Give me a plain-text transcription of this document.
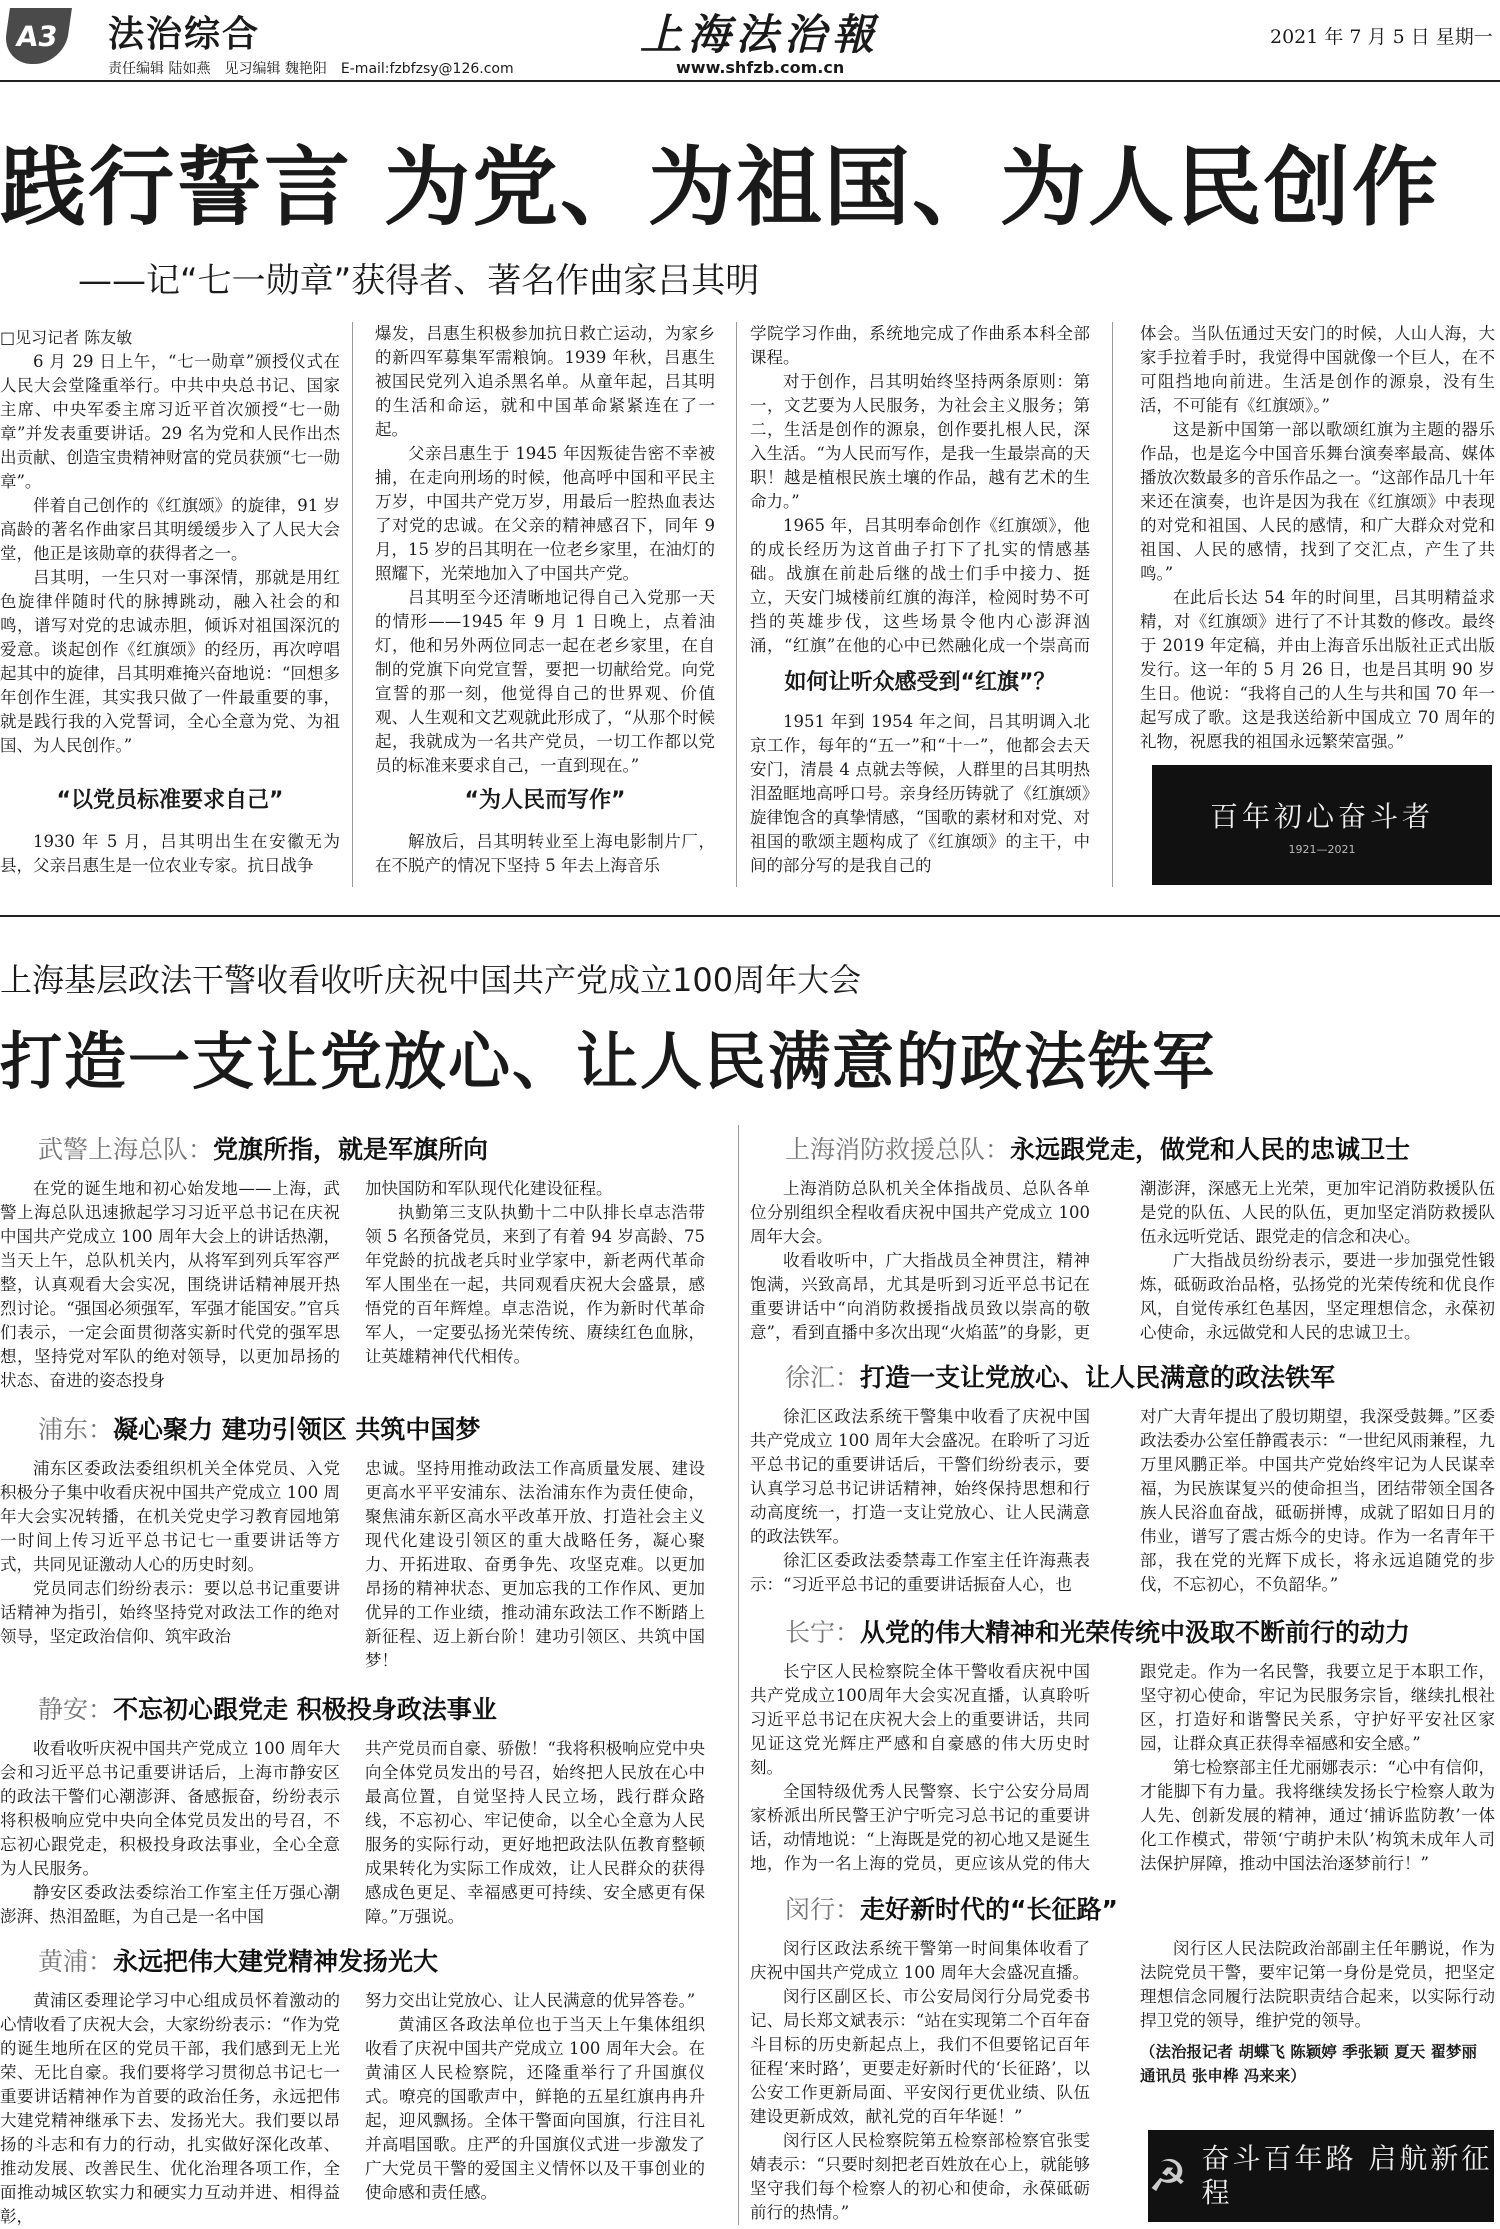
A3	法治综合
责任编辑 陆如燕 见习编辑 魏艳阳 E-mail:fzbfzsy@126.com
上海法治報
www.shfzb.com.cn
2021 年 7 月 5 日 星期一
践行誓言 为党、为祖国、为人民创作
——记“七一勋章”获得者、著名作曲家吕其明
□见习记者 陈友敏

6 月 29 日上午，“七一勋章”颁授仪式在人民大会堂隆重举行。中共中央总书记、国家主席、中央军委主席习近平首次颁授“七一勋章”并发表重要讲话。29 名为党和人民作出杰出贡献、创造宝贵精神财富的党员获颁“七一勋章”。

伴着自己创作的《红旗颂》的旋律，91 岁高龄的著名作曲家吕其明缓缓步入了人民大会堂，他正是该勋章的获得者之一。

吕其明，一生只对一事深情，那就是用红色旋律伴随时代的脉搏跳动，融入社会的和鸣，谱写对党的忠诚赤胆，倾诉对祖国深沉的爱意。谈起创作《红旗颂》的经历，再次哼唱起其中的旋律，吕其明难掩兴奋地说：“回想多年创作生涯，其实我只做了一件最重要的事，就是践行我的入党誓词，全心全意为党、为祖国、为人民创作。”

“以党员标准要求自己”

1930 年 5 月，吕其明出生在安徽无为县，父亲吕惠生是一位农业专家。抗日战争

爆发，吕惠生积极参加抗日救亡运动，为家乡的新四军募集军需粮饷。1939 年秋，吕惠生被国民党列入追杀黑名单。从童年起，吕其明的生活和命运，就和中国革命紧紧连在了一起。

父亲吕惠生于 1945 年因叛徒告密不幸被捕，在走向刑场的时候，他高呼中国和平民主万岁，中国共产党万岁，用最后一腔热血表达了对党的忠诚。在父亲的精神感召下，同年 9 月，15 岁的吕其明在一位老乡家里，在油灯的照耀下，光荣地加入了中国共产党。

吕其明至今还清晰地记得自己入党那一天的情形——1945 年 9 月 1 日晚上，点着油灯，他和另外两位同志一起在老乡家里，在自制的党旗下向党宣誓，要把一切献给党。向党宣誓的那一刻，他觉得自己的世界观、价值观、人生观和文艺观就此形成了，“从那个时候起，我就成为一名共产党员，一切工作都以党员的标准来要求自己，一直到现在。”

“为人民而写作”

解放后，吕其明转业至上海电影制片厂，在不脱产的情况下坚持 5 年去上海音乐

学院学习作曲，系统地完成了作曲系本科全部课程。

对于创作，吕其明始终坚持两条原则：第一，文艺要为人民服务，为社会主义服务；第二，生活是创作的源泉，创作要扎根人民，深入生活。“为人民而写作，是我一生最崇高的天职！越是植根民族土壤的作品，越有艺术的生命力。”

1965 年，吕其明奉命创作《红旗颂》，他的成长经历为这首曲子打下了扎实的情感基础。战旗在前赴后继的战士们手中接力、挺立，天安门城楼前红旗的海洋，检阅时势不可挡的英雄步伐，这些场景令他内心澎湃汹涌，“红旗”在他的心中已然融化成一个崇高而

如何让听众感受到“红旗”？

1951 年到 1954 年之间，吕其明调入北京工作，每年的“五一”和“十一”，他都会去天安门，清晨 4 点就去等候，人群里的吕其明热泪盈眶地高呼口号。亲身经历铸就了《红旗颂》旋律饱含的真挚情感，“国歌的素材和对党、对祖国的歌颂主题构成了《红旗颂》的主干，中间的部分写的是我自己的

体会。当队伍通过天安门的时候，人山人海，大家手拉着手时，我觉得中国就像一个巨人，在不可阻挡地向前进。生活是创作的源泉，没有生活，不可能有《红旗颂》。”

这是新中国第一部以歌颂红旗为主题的器乐作品，也是迄今中国音乐舞台演奏率最高、媒体播放次数最多的音乐作品之一。“这部作品几十年来还在演奏，也许是因为我在《红旗颂》中表现的对党和祖国、人民的感情，和广大群众对党和祖国、人民的感情，找到了交汇点，产生了共鸣。”

在此后长达 54 年的时间里，吕其明精益求精，对《红旗颂》进行了不计其数的修改。最终于 2019 年定稿，并由上海音乐出版社正式出版发行。这一年的 5 月 26 日，也是吕其明 90 岁生日。他说：“我将自己的人生与共和国 70 年一起写成了歌。这是我送给新中国成立 70 周年的礼物，祝愿我的祖国永远繁荣富强。”

百年初心奋斗者
1921—2021
上海基层政法干警收看收听庆祝中国共产党成立100周年大会
打造一支让党放心、让人民满意的政法铁军
武警上海总队：党旗所指，就是军旗所向

在党的诞生地和初心始发地——上海，武警上海总队迅速掀起学习习近平总书记在庆祝中国共产党成立 100 周年大会上的讲话热潮，当天上午，总队机关内，从将军到列兵军容严整，认真观看大会实况，围绕讲话精神展开热烈讨论。“强国必须强军，军强才能国安。”官兵们表示，一定会面贯彻落实新时代党的强军思想，坚持党对军队的绝对领导，以更加昂扬的状态、奋进的姿态投身

加快国防和军队现代化建设征程。

执勤第三支队执勤十二中队排长卓志浩带领 5 名预备党员，来到了有着 94 岁高龄、75 年党龄的抗战老兵时业学家中，新老两代革命军人围坐在一起，共同观看庆祝大会盛景，感悟党的百年辉煌。卓志浩说，作为新时代革命军人，一定要弘扬光荣传统、赓续红色血脉，让英雄精神代代相传。

浦东：凝心聚力 建功引领区 共筑中国梦

浦东区委政法委组织机关全体党员、入党积极分子集中收看庆祝中国共产党成立 100 周年大会实况转播，在机关党史学习教育园地第一时间上传习近平总书记七一重要讲话等方式，共同见证激动人心的历史时刻。

党员同志们纷纷表示：要以总书记重要讲话精神为指引，始终坚持党对政法工作的绝对领导，坚定政治信仰、筑牢政治

忠诚。坚持用推动政法工作高质量发展、建设更高水平平安浦东、法治浦东作为责任使命，聚焦浦东新区高水平改革开放、打造社会主义现代化建设引领区的重大战略任务，凝心聚力、开拓进取、奋勇争先、攻坚克难。以更加昂扬的精神状态、更加忘我的工作作风、更加优异的工作业绩，推动浦东政法工作不断踏上新征程、迈上新台阶！建功引领区、共筑中国梦！

静安：不忘初心跟党走 积极投身政法事业

收看收听庆祝中国共产党成立 100 周年大会和习近平总书记重要讲话后，上海市静安区的政法干警们心潮澎湃、备感振奋，纷纷表示将积极响应党中央向全体党员发出的号召，不忘初心跟党走，积极投身政法事业，全心全意为人民服务。

静安区委政法委综治工作室主任万强心潮澎湃、热泪盈眶，为自己是一名中国

共产党员而自豪、骄傲！“我将积极响应党中央向全体党员发出的号召，始终把人民放在心中最高位置，自觉坚持人民立场，践行群众路线，不忘初心、牢记使命，以全心全意为人民服务的实际行动，更好地把政法队伍教育整顿成果转化为实际工作成效，让人民群众的获得感成色更足、幸福感更可持续、安全感更有保障。”万强说。

黄浦：永远把伟大建党精神发扬光大

黄浦区委理论学习中心组成员怀着激动的心情收看了庆祝大会，大家纷纷表示：“作为党的诞生地所在区的党员干部，我们感到无上光荣、无比自豪。我们要将学习贯彻总书记七一重要讲话精神作为首要的政治任务，永远把伟大建党精神继承下去、发扬光大。我们要以昂扬的斗志和有力的行动，扎实做好深化改革、推动发展、改善民生、优化治理各项工作，全面推动城区软实力和硬实力互动并进、相得益彰，

努力交出让党放心、让人民满意的优异答卷。”

黄浦区各政法单位也于当天上午集体组织收看了庆祝中国共产党成立 100 周年大会。在黄浦区人民检察院，还隆重举行了升国旗仪式。嘹亮的国歌声中，鲜艳的五星红旗冉冉升起，迎风飘扬。全体干警面向国旗，行注目礼并高唱国歌。庄严的升国旗仪式进一步激发了广大党员干警的爱国主义情怀以及干事创业的使命感和责任感。

上海消防救援总队：永远跟党走，做党和人民的忠诚卫士

上海消防总队机关全体指战员、总队各单位分别组织全程收看庆祝中国共产党成立 100 周年大会。

收看收听中，广大指战员全神贯注，精神饱满，兴致高昂，尤其是听到习近平总书记在重要讲话中“向消防救援指战员致以崇高的敬意”，看到直播中多次出现“火焰蓝”的身影，更

潮澎湃，深感无上光荣，更加牢记消防救援队伍是党的队伍、人民的队伍，更加坚定消防救援队伍永远听党话、跟党走的信念和决心。

广大指战员纷纷表示，要进一步加强党性锻炼，砥砺政治品格，弘扬党的光荣传统和优良作风，自觉传承红色基因，坚定理想信念，永葆初心使命，永远做党和人民的忠诚卫士。

徐汇：打造一支让党放心、让人民满意的政法铁军

徐汇区政法系统干警集中收看了庆祝中国共产党成立 100 周年大会盛况。在聆听了习近平总书记的重要讲话后，干警们纷纷表示，要认真学习总书记讲话精神，始终保持思想和行动高度统一，打造一支让党放心、让人民满意的政法铁军。

徐汇区委政法委禁毒工作室主任许海燕表示：“习近平总书记的重要讲话振奋人心，也

对广大青年提出了殷切期望，我深受鼓舞。”区委政法委办公室任静霞表示：“一世纪风雨兼程，九万里风鹏正举。中国共产党始终牢记为人民谋幸福，为民族谋复兴的使命担当，团结带领全国各族人民浴血奋战，砥砺拼博，成就了昭如日月的伟业，谱写了震古烁今的史诗。作为一名青年干部，我在党的光辉下成长，将永远追随党的步伐，不忘初心，不负韶华。”

长宁：从党的伟大精神和光荣传统中汲取不断前行的动力

长宁区人民检察院全体干警收看庆祝中国共产党成立100周年大会实况直播，认真聆听习近平总书记在庆祝大会上的重要讲话，共同见证这党光辉庄严感和自豪感的伟大历史时刻。

全国特级优秀人民警察、长宁公安分局周家桥派出所民警王沪宁听完习总书记的重要讲话，动情地说：“上海既是党的初心地又是诞生地，作为一名上海的党员，更应该从党的伟大

跟党走。作为一名民警，我要立足于本职工作，坚守初心使命，牢记为民服务宗旨，继续扎根社区，打造好和谐警民关系，守护好平安社区家园，让群众真正获得幸福感和安全感。”

第七检察部主任尤丽娜表示：“心中有信仰，才能脚下有力量。我将继续发扬长宁检察人敢为人先、创新发展的精神，通过‘捕诉监防教’一体化工作模式，带领‘宁萌护未队’构筑未成年人司法保护屏障，推动中国法治逐梦前行！”

闵行：走好新时代的“长征路”

闵行区政法系统干警第一时间集体收看了庆祝中国共产党成立 100 周年大会盛况直播。

闵行区副区长、市公安局闵行分局党委书记、局长郑文斌表示：“站在实现第二个百年奋斗目标的历史新起点上，我们不但要铭记百年征程‘来时路’，更要走好新时代的‘长征路’，以公安工作更新局面、平安闵行更优业绩、队伍建设更新成效，献礼党的百年华诞！”

闵行区人民检察院第五检察部检察官张雯婧表示：“只要时刻把老百姓放在心上，就能够坚守我们每个检察人的初心和使命，永葆砥砺前行的热情。”

闵行区人民法院政治部副主任年鹏说，作为法院党员干警，要牢记第一身份是党员，把坚定理想信念同履行法院职责结合起来，以实际行动捍卫党的领导，维护党的领导。

（法治报记者 胡蝶飞 陈颖婷 季张颖 夏天 翟梦丽 通讯员 张申桦 冯来来）
☭ 奋斗百年路 启航新征程
